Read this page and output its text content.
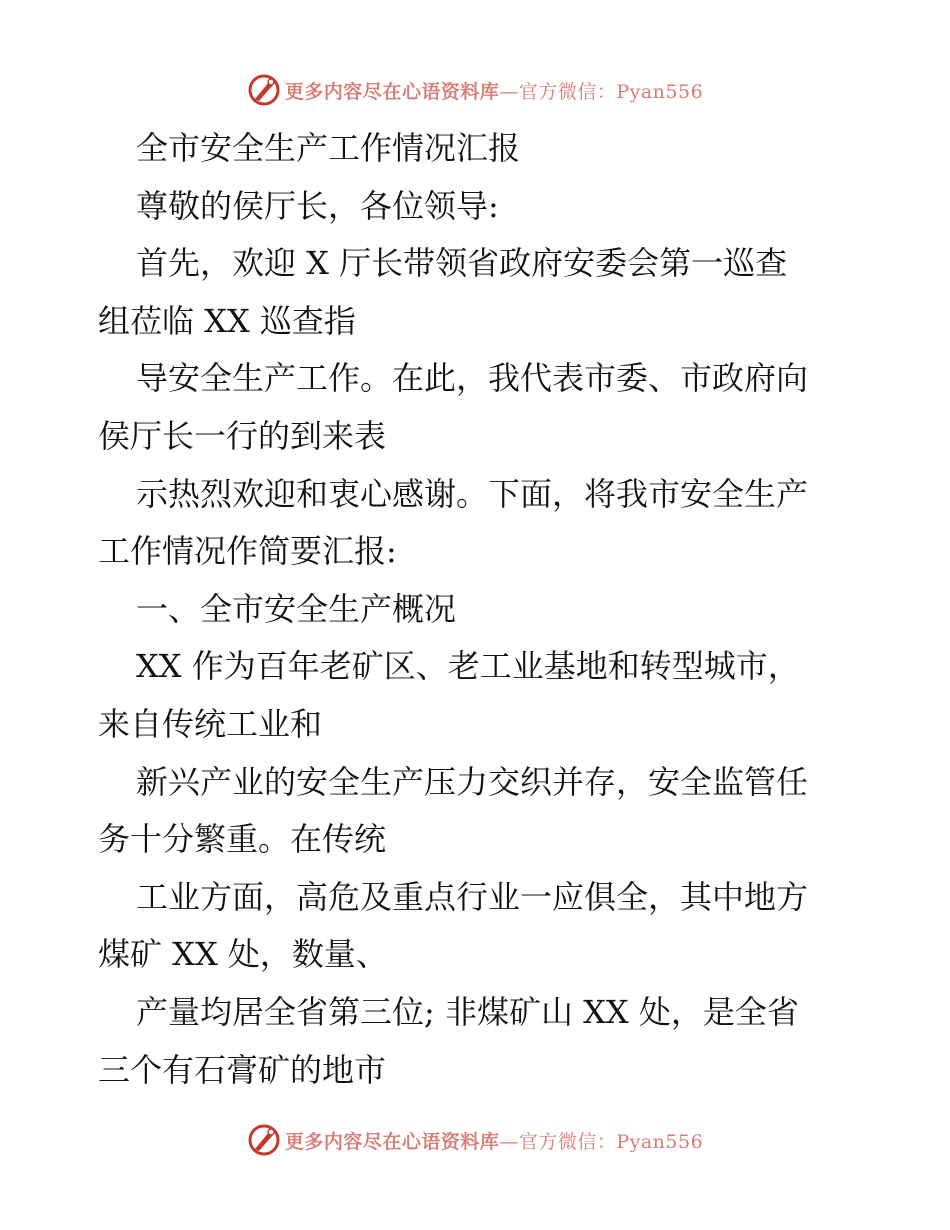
更多内容尽在心语资料库—官方微信：Pyan556
全市安全生产工作情况汇报
尊敬的侯厅长，各位领导:
首先，欢迎 X 厅长带领省政府安委会第一巡查
组莅临 XX 巡查指
导安全生产工作。在此，我代表市委、市政府向
侯厅长一行的到来表
示热烈欢迎和衷心感谢。下面，将我市安全生产
工作情况作简要汇报:
一、全市安全生产概况
XX 作为百年老矿区、老工业基地和转型城市，
来自传统工业和
新兴产业的安全生产压力交织并存，安全监管任
务十分繁重。在传统
工业方面，高危及重点行业一应俱全，其中地方
煤矿 XX 处，数量、
产量均居全省第三位; 非煤矿山 XX 处，是全省
三个有石膏矿的地市
更多内容尽在心语资料库—官方微信：Pyan556
